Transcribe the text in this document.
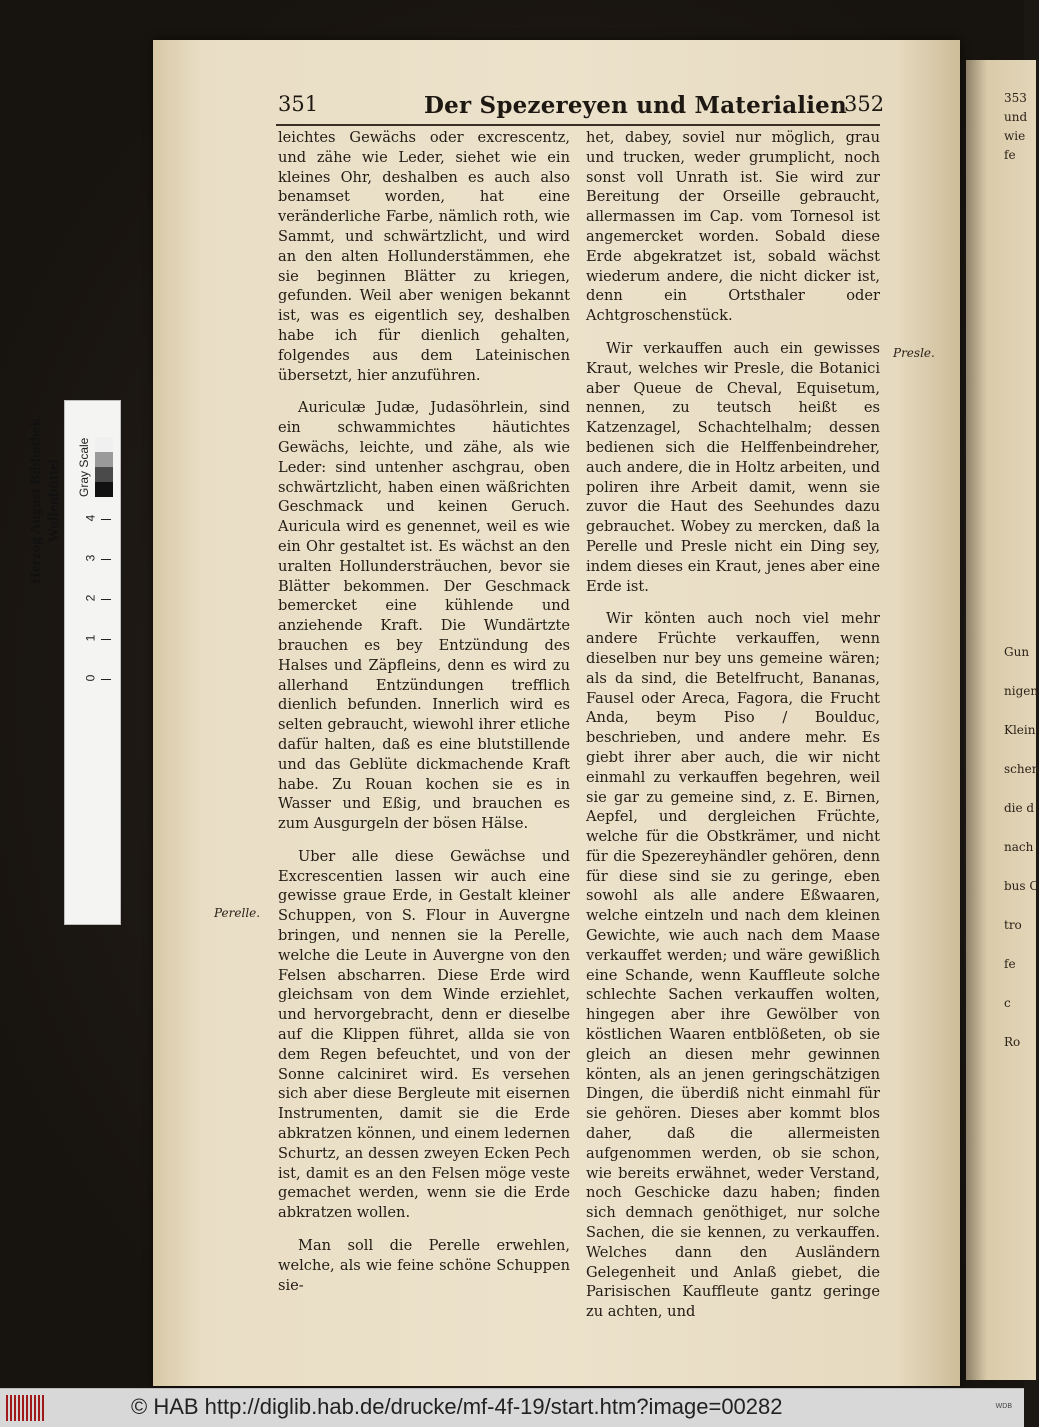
353
und
wie
fe
Gun
nigen
Klein
schen
die d
nach
bus C
tro
fe
c
Ro
351	Der Spezereyen und Materialien
352

leichtes Gewächs oder excrescentz, und zähe wie Leder, siehet wie ein kleines Ohr, deshalben es auch also benamset worden, hat eine veränderliche Farbe, nämlich roth, wie Sammt, und schwärtzlicht, und wird an den alten Hollunderstämmen, ehe sie beginnen Blätter zu kriegen, gefunden. Weil aber wenigen bekannt ist, was es eigentlich sey, deshalben habe ich für dienlich gehalten, folgendes aus dem Lateinischen übersetzt, hier anzuführen.

Auriculæ Judæ, Judasöhrlein, sind ein schwammichtes häutichtes Gewächs, leichte, und zähe, als wie Leder: sind untenher aschgrau, oben schwärtzlicht, haben einen wäßrichten Geschmack und keinen Geruch. Auricula wird es genennet, weil es wie ein Ohr gestaltet ist. Es wächst an den uralten Hollundersträuchen, bevor sie Blätter bekommen. Der Geschmack bemercket eine kühlende und anziehende Kraft. Die Wundärtzte brauchen es bey Entzündung des Halses und Zäpfleins, denn es wird zu allerhand Entzündungen trefflich dienlich befunden. Innerlich wird es selten gebraucht, wiewohl ihrer etliche dafür halten, daß es eine blutstillende und das Geblüte dickmachende Kraft habe. Zu Rouan kochen sie es in Wasser und Eßig, und brauchen es zum Ausgurgeln der bösen Hälse.

Uber alle diese Gewächse und Excrescentien lassen wir auch eine gewisse graue Erde, in Gestalt kleiner Schuppen, von S. Flour in Auvergne bringen, und nennen sie la Perelle, welche die Leute in Auvergne von den Felsen abscharren. Diese Erde wird gleichsam von dem Winde erziehlet, und hervorgebracht, denn er dieselbe auf die Klippen führet, allda sie von dem Regen befeuchtet, und von der Sonne calciniret wird. Es versehen sich aber diese Bergleute mit eisernen Instrumenten, damit sie die Erde abkratzen können, und einem ledernen Schurtz, an dessen zweyen Ecken Pech ist, damit es an den Felsen möge veste gemachet werden, wenn sie die Erde abkratzen wollen.

Man soll die Perelle erwehlen, welche, als wie feine schöne Schuppen sie-

het, dabey, soviel nur möglich, grau und trucken, weder grumplicht, noch sonst voll Unrath ist. Sie wird zur Bereitung der Orseille gebraucht, allermassen im Cap. vom Tornesol ist angemercket worden. Sobald diese Erde abgekratzet ist, sobald wächst wiederum andere, die nicht dicker ist, denn ein Ortsthaler oder Achtgroschenstück.

Wir verkauffen auch ein gewisses Kraut, welches wir Presle, die Botanici aber Queue de Cheval, Equisetum, nennen, zu teutsch heißt es Katzenzagel, Schachtelhalm; dessen bedienen sich die Helffenbeindreher, auch andere, die in Holtz arbeiten, und poliren ihre Arbeit damit, wenn sie zuvor die Haut des Seehundes dazu gebrauchet. Wobey zu mercken, daß la Perelle und Presle nicht ein Ding sey, indem dieses ein Kraut, jenes aber eine Erde ist.

Wir könten auch noch viel mehr andere Früchte verkauffen, wenn dieselben nur bey uns gemeine wären; als da sind, die Betelfrucht, Bananas, Fausel oder Areca, Fagora, die Frucht Anda, beym Piso / Boulduc, beschrieben, und andere mehr. Es giebt ihrer aber auch, die wir nicht einmahl zu verkauffen begehren, weil sie gar zu gemeine sind, z. E. Birnen, Aepfel, und dergleichen Früchte, welche für die Obstkrämer, und nicht für die Spezereyhändler gehören, denn für diese sind sie zu geringe, eben sowohl als alle andere Eßwaaren, welche eintzeln und nach dem kleinen Gewichte, wie auch nach dem Maase verkauffet werden; und wäre gewißlich eine Schande, wenn Kauffleute solche schlechte Sachen verkauffen wolten, hingegen aber ihre Gewölber von köstlichen Waaren entblößeten, ob sie gleich an diesen mehr gewinnen könten, als an jenen geringschätzigen Dingen, die überdiß nicht einmahl für sie gehören. Dieses aber kommt blos daher, daß die allermeisten aufgenommen werden, ob sie schon, wie bereits erwähnet, weder Verstand, noch Geschicke dazu haben; finden sich demnach genöthiget, nur solche Sachen, die sie kennen, zu verkauffen. Welches dann den Ausländern Gelegenheit und Anlaß giebet, die Parisischen Kauffleute gantz geringe zu achten, und

Presle.
Perelle.
Herzog August Bibliothek Wolfenbüttel Gray Scale
0
1
2
3
4
© HAB http://diglib.hab.de/drucke/mf-4f-19/start.htm?image=00282	WDB
